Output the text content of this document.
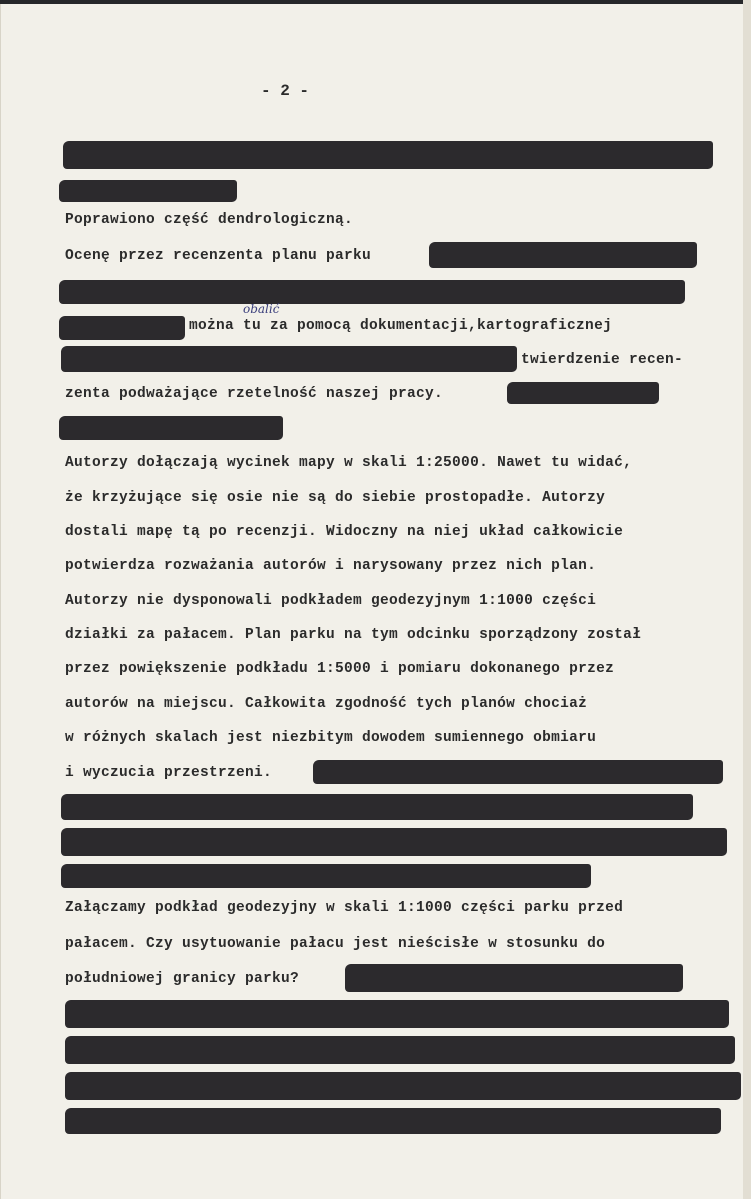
- 2 -
Poprawiono część dendrologiczną.
Ocenę przez recenzenta planu parku
obalić
można tu za pomocą dokumentacji,kartograficznej
twierdzenie recen-
zenta podważające rzetelność naszej pracy.
Autorzy dołączają wycinek mapy w skali 1:25000. Nawet tu widać,
że krzyżujące się osie nie są do siebie prostopadłe. Autorzy
dostali mapę tą po recenzji. Widoczny na niej układ całkowicie
potwierdza rozważania autorów i narysowany przez nich plan.
Autorzy nie dysponowali podkładem geodezyjnym 1:1000 części
działki za pałacem. Plan parku na tym odcinku sporządzony został
przez powiększenie podkładu 1:5000 i pomiaru dokonanego przez
autorów na miejscu. Całkowita zgodność tych planów chociaż
w różnych skalach jest niezbitym dowodem sumiennego obmiaru
i wyczucia przestrzeni.
Załączamy podkład geodezyjny w skali 1:1000 części parku przed
pałacem. Czy usytuowanie pałacu jest nieścisłe w stosunku do
południowej granicy parku?
